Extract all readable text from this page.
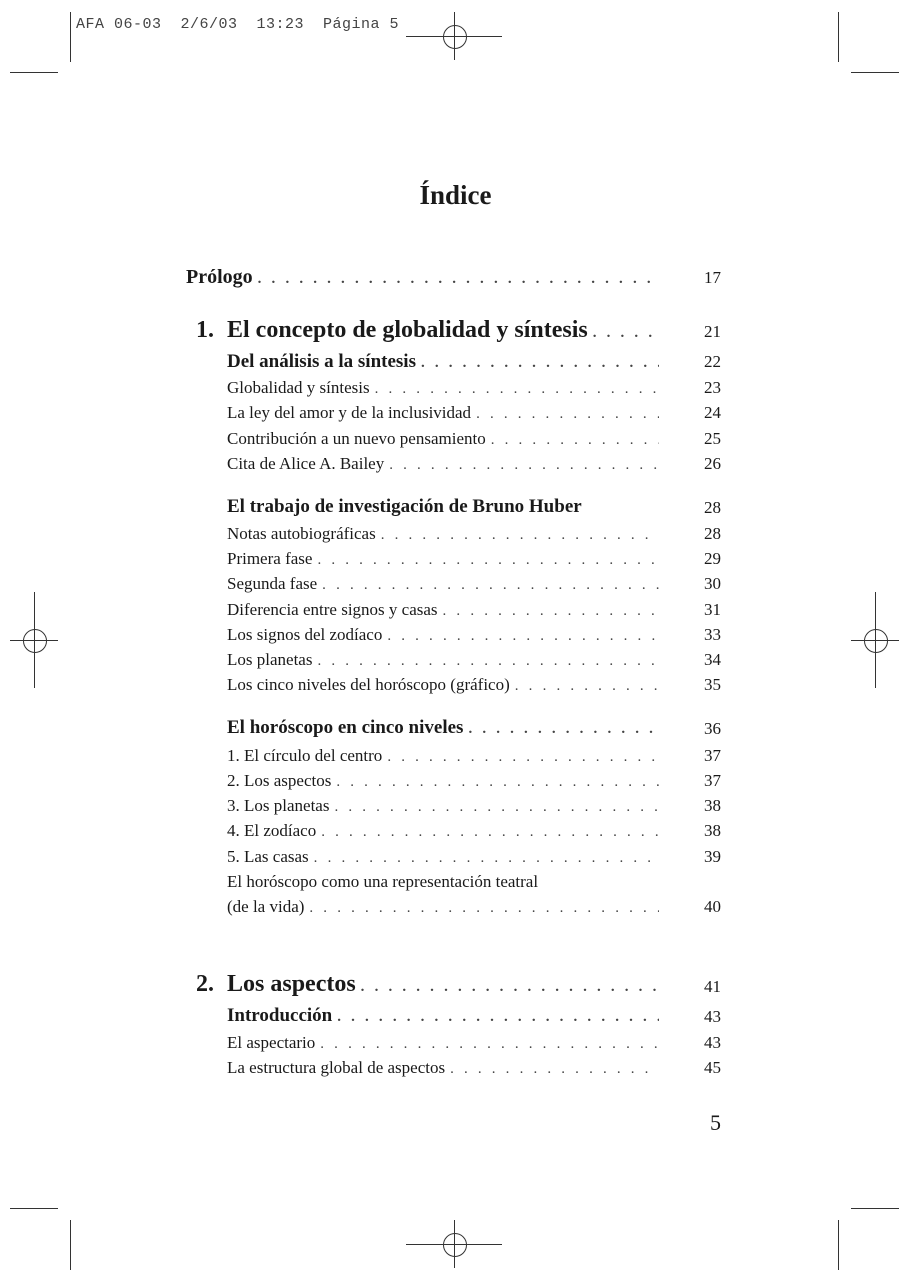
AFA 06-03  2/6/03  13:23  Página 5
Índice
Prólogo . . .	17
1. El concepto de globalidad y síntesis . . .	21
Del análisis a la síntesis . . .	22
Globalidad y síntesis . . .	23
La ley del amor y de la inclusividad . . .	24
Contribución a un nuevo pensamiento . . .	25
Cita de Alice A. Bailey . . .	26
El trabajo de investigación de Bruno Huber	28
Notas autobiográficas . . .	28
Primera fase . . .	29
Segunda fase . . .	30
Diferencia entre signos y casas . . .	31
Los signos del zodíaco . . .	33
Los planetas . . .	34
Los cinco niveles del horóscopo (gráfico) . . .	35
El horóscopo en cinco niveles . . .	36
1. El círculo del centro . . .	37
2. Los aspectos . . .	37
3. Los planetas . . .	38
4. El zodíaco . . .	38
5. Las casas . . .	39
El horóscopo como una representación teatral
(de la vida) . . .	40
2. Los aspectos . . .	41
Introducción . . .	43
El aspectario . . .	43
La estructura global de aspectos . . .	45
5
